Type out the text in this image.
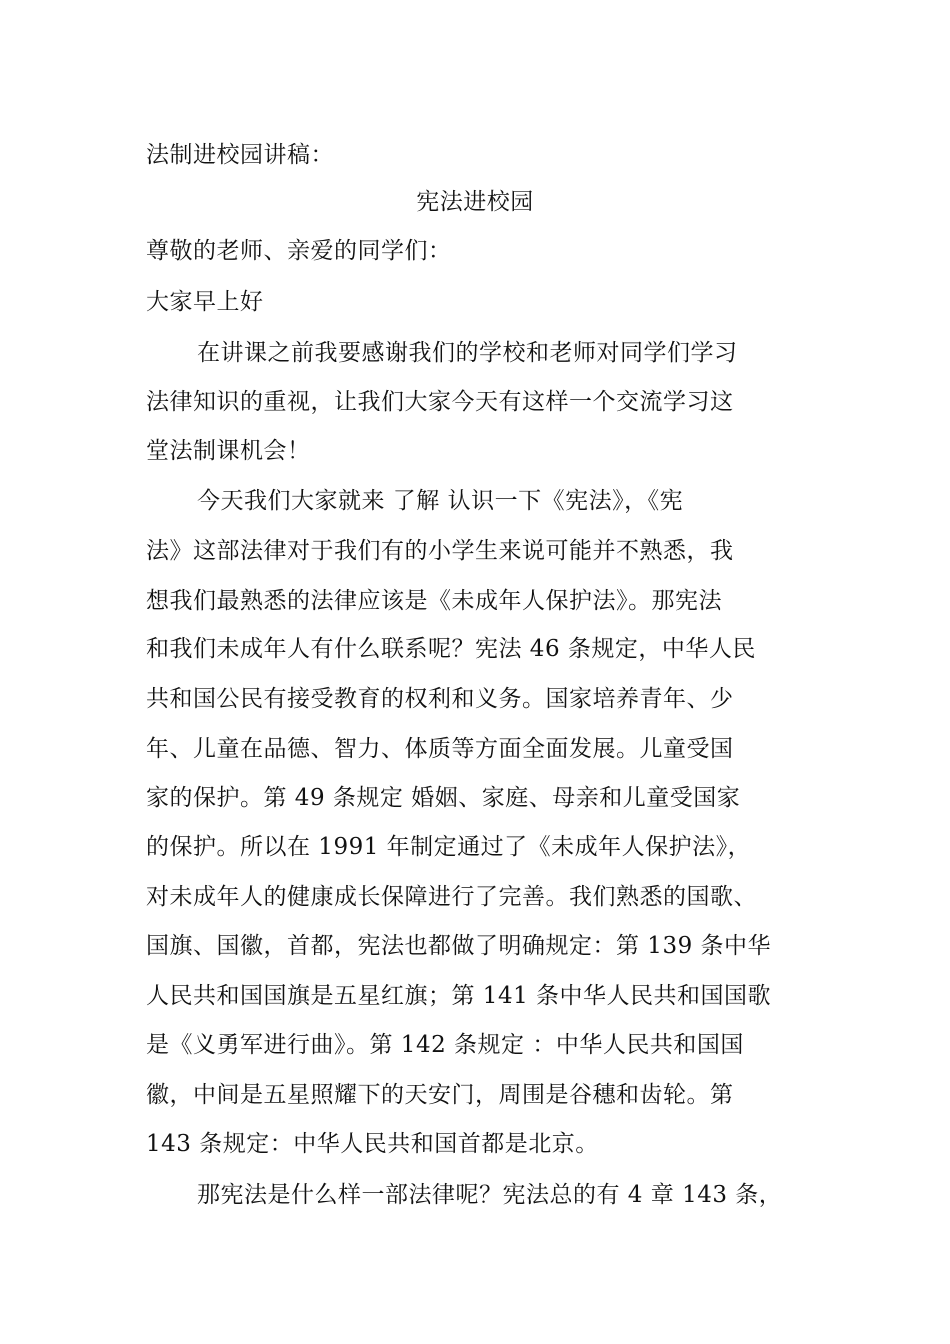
法制进校园讲稿：
宪法进校园
尊敬的老师、亲爱的同学们：
大家早上好
在讲课之前我要感谢我们的学校和老师对同学们学习
法律知识的重视，让我们大家今天有这样一个交流学习这
堂法制课机会！
今天我们大家就来 了解 认识一下《宪法》，《宪
法》这部法律对于我们有的小学生来说可能并不熟悉，我
想我们最熟悉的法律应该是《未成年人保护法》。那宪法
和我们未成年人有什么联系呢？宪法 46 条规定，中华人民
共和国公民有接受教育的权利和义务。国家培养青年、少
年、儿童在品德、智力、体质等方面全面发展。儿童受国
家的保护。第 49 条规定 婚姻、家庭、母亲和儿童受国家
的保护。所以在 1991 年制定通过了《未成年人保护法》，
对未成年人的健康成长保障进行了完善。我们熟悉的国歌、
国旗、国徽，首都，宪法也都做了明确规定：第 139 条中华
人民共和国国旗是五星红旗；第 141 条中华人民共和国国歌
是《义勇军进行曲》。第 142 条规定 ：中华人民共和国国
徽，中间是五星照耀下的天安门，周围是谷穗和齿轮。第
143 条规定：中华人民共和国首都是北京。
那宪法是什么样一部法律呢？宪法总的有 4 章 143 条，
